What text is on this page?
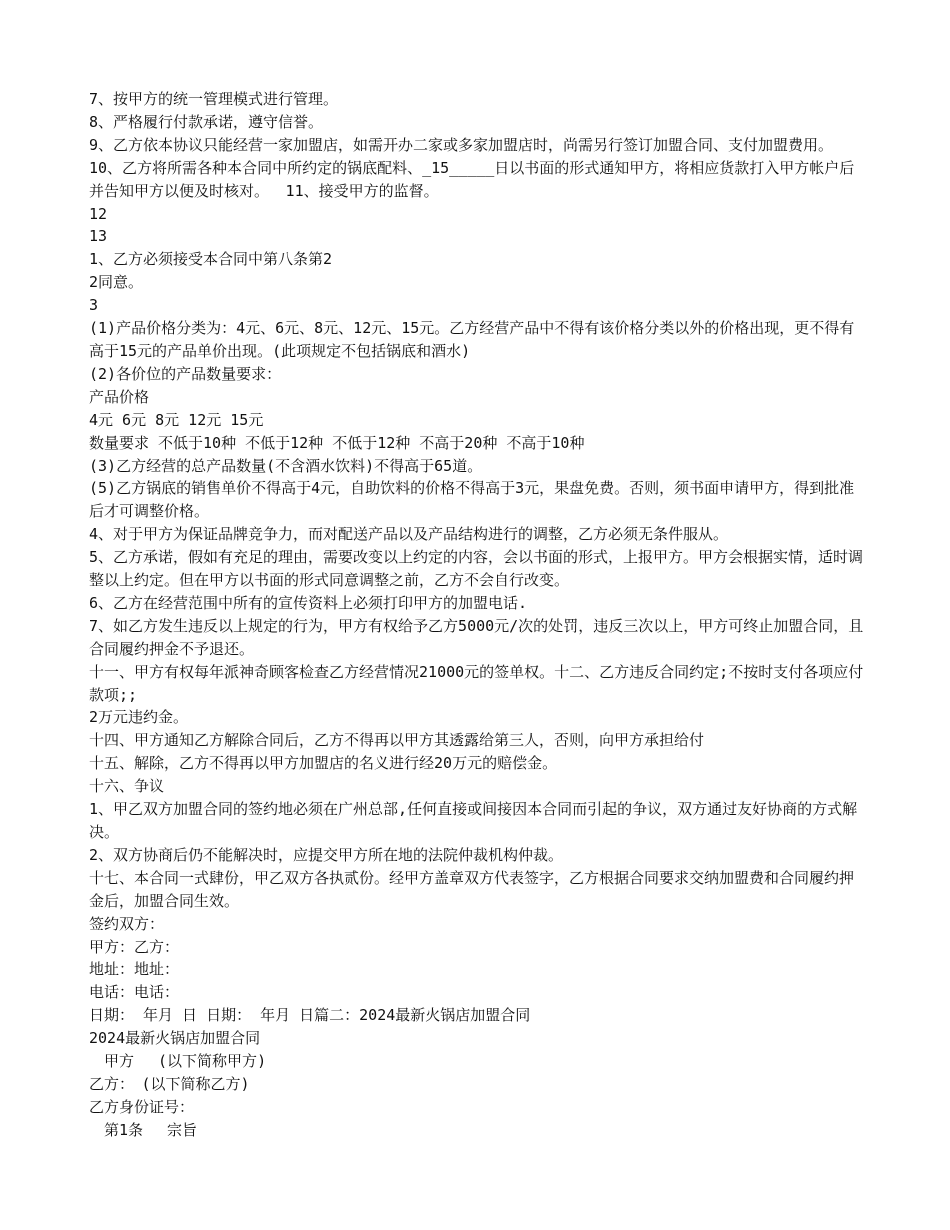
7、按甲方的统一管理模式进行管理。

8、严格履行付款承诺，遵守信誉。

9、乙方依本协议只能经营一家加盟店，如需开办二家或多家加盟店时，尚需另行签订加盟合同、支付加盟费用。

10、乙方将所需各种本合同中所约定的锅底配料、_15_____日以书面的形式通知甲方，将相应货款打入甲方帐户后并告知甲方以便及时核对。　 11、接受甲方的监督。

12

13

1、乙方必须接受本合同中第八条第2

2同意。

3

(1)产品价格分类为：4元、6元、8元、12元、15元。乙方经营产品中不得有该价格分类以外的价格出现，更不得有高于15元的产品单价出现。(此项规定不包括锅底和酒水)

(2)各价位的产品数量要求：

产品价格

4元 6元 8元 12元 15元

数量要求 不低于10种 不低于12种 不低于12种 不高于20种 不高于10种

(3)乙方经营的总产品数量(不含酒水饮料)不得高于65道。

(5)乙方锅底的销售单价不得高于4元，自助饮料的价格不得高于3元，果盘免费。否则，须书面申请甲方，得到批准后才可调整价格。

4、对于甲方为保证品牌竞争力，而对配送产品以及产品结构进行的调整，乙方必须无条件服从。

5、乙方承诺，假如有充足的理由，需要改变以上约定的内容，会以书面的形式，上报甲方。甲方会根据实情，适时调整以上约定。但在甲方以书面的形式同意调整之前，乙方不会自行改变。

6、乙方在经营范围中所有的宣传资料上必须打印甲方的加盟电话.

7、如乙方发生违反以上规定的行为，甲方有权给予乙方5000元/次的处罚，违反三次以上，甲方可终止加盟合同，且合同履约押金不予退还。

十一、甲方有权每年派神奇顾客检查乙方经营情况21000元的签单权。十二、乙方违反合同约定;不按时支付各项应付款项;;

2万元违约金。

十四、甲方通知乙方解除合同后，乙方不得再以甲方其透露给第三人，否则，向甲方承担给付

十五、解除，乙方不得再以甲方加盟店的名义进行经20万元的赔偿金。

十六、争议

1、甲乙双方加盟合同的签约地必须在广州总部,任何直接或间接因本合同而引起的争议，双方通过友好协商的方式解决。

2、双方协商后仍不能解决时，应提交甲方所在地的法院仲裁机构仲裁。

十七、本合同一式肆份，甲乙双方各执贰份。经甲方盖章双方代表签字，乙方根据合同要求交纳加盟费和合同履约押金后，加盟合同生效。

签约双方：

甲方：乙方：

地址：地址：

电话：电话：

日期： 年月 日 日期： 年月 日篇二：2024最新火锅店加盟合同

2024最新火锅店加盟合同

　甲方　 (以下简称甲方)

乙方：　(以下简称乙方)

乙方身份证号：

　第1条　 宗旨
